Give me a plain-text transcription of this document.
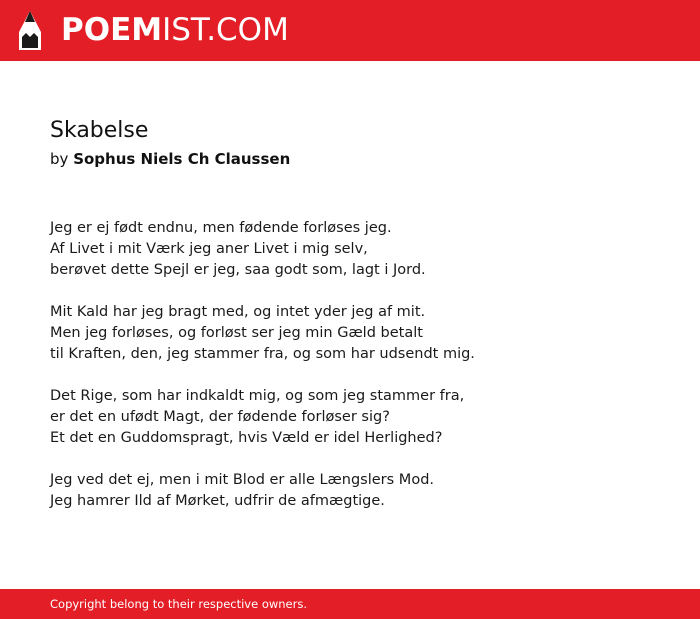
POEMIST.COM
Skabelse
by Sophus Niels Ch Claussen
Jeg er ej født endnu, men fødende forløses jeg.
Af Livet i mit Værk jeg aner Livet i mig selv,
berøvet dette Spejl er jeg, saa godt som, lagt i Jord.
Mit Kald har jeg bragt med, og intet yder jeg af mit.
Men jeg forløses, og forløst ser jeg min Gæld betalt
til Kraften, den, jeg stammer fra, og som har udsendt mig.
Det Rige, som har indkaldt mig, og som jeg stammer fra,
er det en ufødt Magt, der fødende forløser sig?
Et det en Guddomspragt, hvis Væld er idel Herlighed?
Jeg ved det ej, men i mit Blod er alle Længslers Mod.
Jeg hamrer Ild af Mørket, udfrir de afmægtige.
Copyright belong to their respective owners.
